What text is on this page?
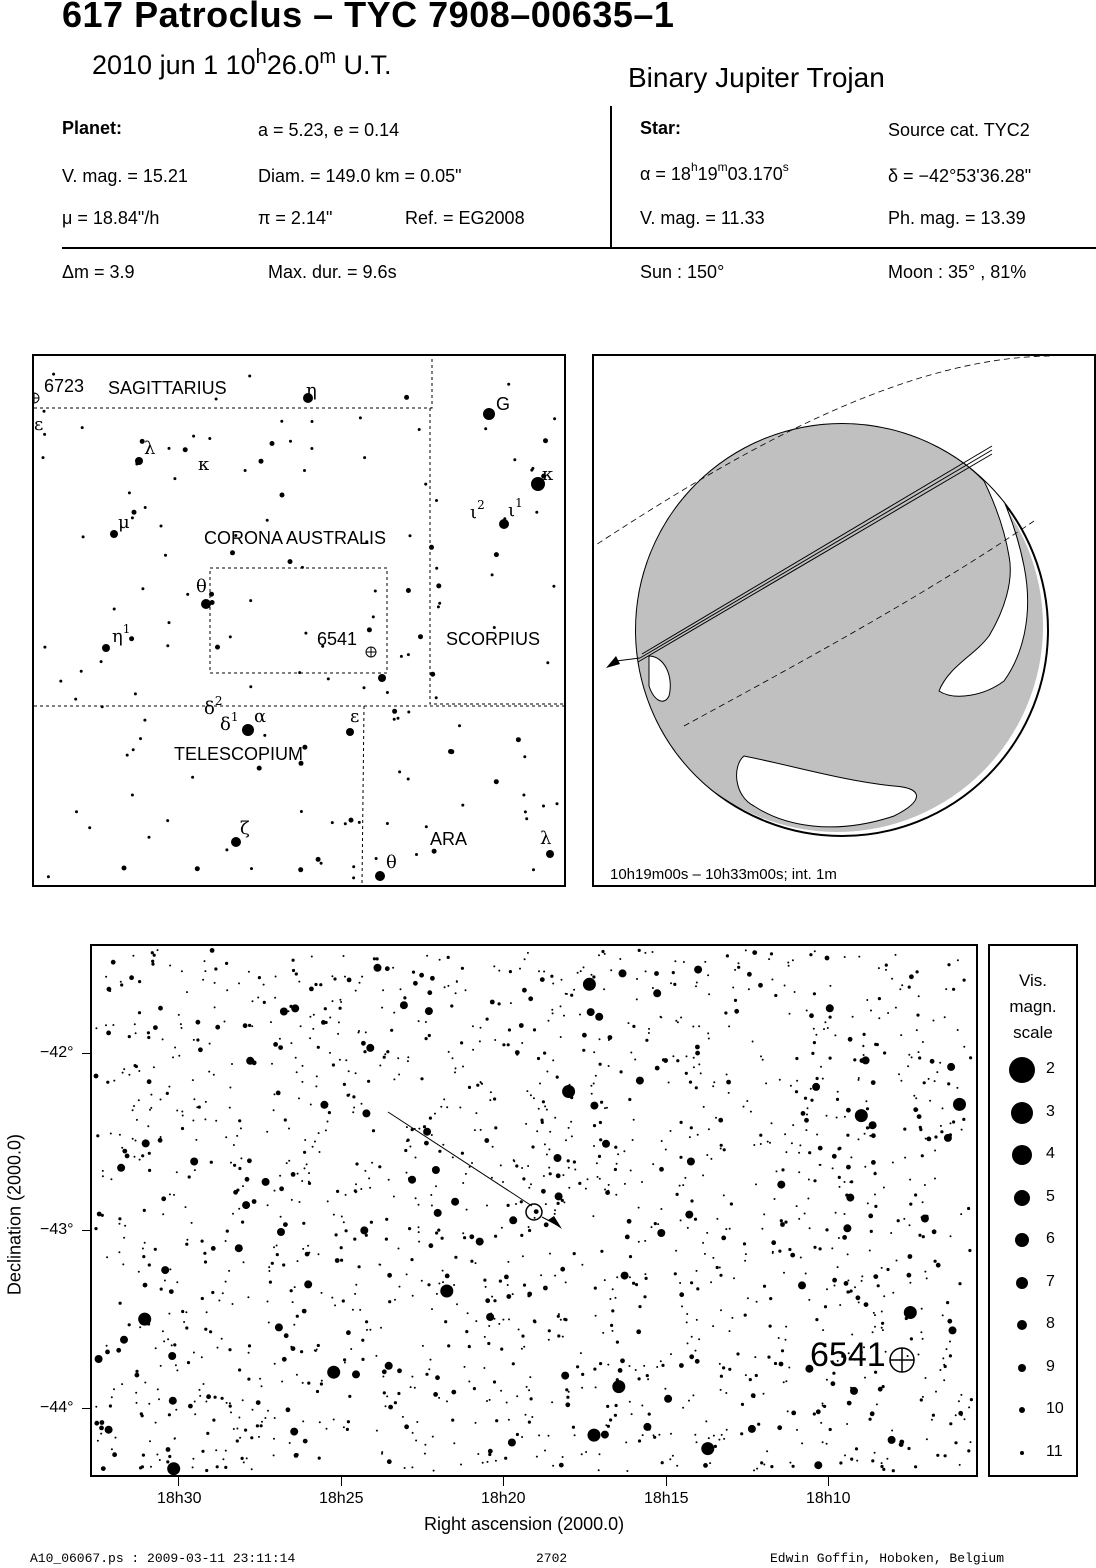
617 Patroclus – TYC 7908–00635–1
2010 jun 1 10$^h$26.0$^m$ U.T.	Binary Jupiter Trojan
Planet:	a = 5.23, e = 0.14
V. mag. = 15.21	Diam. = 149.0 km = 0.05"
μ = 18.84"/h	π = 2.14"	Ref. = EG2008
Star:	Source cat. TYC2
$\alpha = 18^h19^m03.170^s$	δ = −42°53'36.28"
V. mag. = 11.33	Ph. mag. = 13.39
Δm = 3.9	Max. dur. = 9.6s	Sun : 150°	Moon : 35° , 81%
6723 SAGITTARIUS
CORONA AUSTRALIS
SCORPIUS
TELESCOPIUM
ARA
6541
ε
η
G
λ
κ	κ
μ	$\iota^2$ $\iota^1$
θ
$\eta^1$
$\delta^2$
$\delta^1$ α	ε
ζ	λ
θ
10h19m00s – 10h33m00s; int. 1m
6541
−42°
−43°
−44°
18h30	18h25	18h20	18h15	18h10
Right ascension (2000.0)
Declination (2000.0)
Vis.
magn.
scale
2
3
4
5
6
7
8
9
10
11
A10_06067.ps : 2009-03-11 23:11:14	2702	Edwin Goffin, Hoboken, Belgium
